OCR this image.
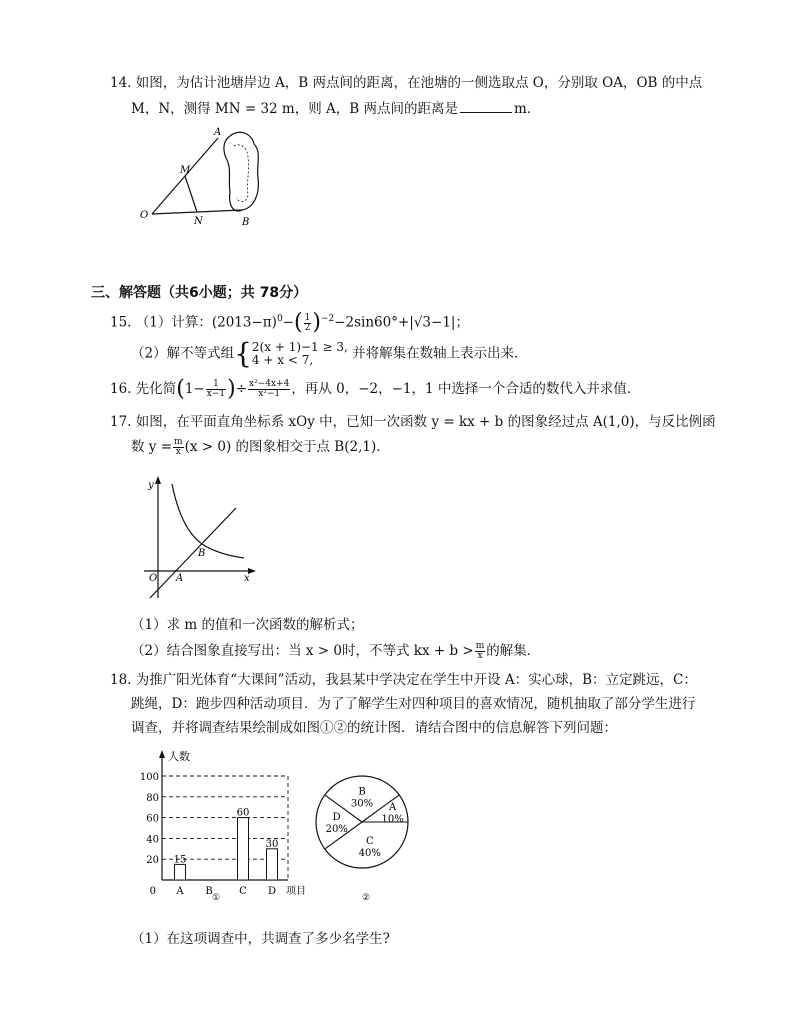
14. 如图，为估计池塘岸边 A，B 两点间的距离，在池塘的一侧选取点 O，分别取 OA，OB 的中点
M，N，测得 MN = 32 m，则 A，B 两点间的距离是	m．
A
M
O
N	B
三、解答题（共6小题；共 78分）
15. （1）计算：$(2013-\pi)^0-( \frac{1}{2} )^{-2}-2\sin 60^\circ+|√3-1|$；
（2）解不等式组{ 2(x + 1)−1 ≥ 3,
4 + x < 7,	并将解集在数轴上表示出来．
16. 先化简($1- \frac{1}{x-1}$ )÷ $\frac{\text{x²−4x+4}}{\text{x²−1}}$ ，再从 0，−2，−1，1 中选择一个合适的数代入并求值．
17. 如图，在平面直角坐标系 xOy 中，已知一次函数 y = kx + b 的图象经过点 A(1,0)，与反比例函
数 $y = \frac{m}{x} (x > 0)$ 的图象相交于点 B(2,1)．
y
x
O A
B
（1）求 m 的值和一次函数的解析式；
（2）结合图象直接写出：当 x > 0时，不等式 kx + $b > \frac{m}{x}$ 的解集．
18. 为推广阳光体育“大课间”活动，我县某中学决定在学生中开设 A：实心球，B：立定跳远，C：
跳绳，D：跑步四种活动项目．为了了解学生对四种项目的喜欢情况，随机抽取了部分学生进行
调查，并将调查结果绘制成如图①②的统计图．请结合图中的信息解答下列问题：
100
80
60
40
20 15
60
30
A B	C D
人数
项目
0
①
B
30% A
10%
C
40%
D
20%
②
（1）在这项调查中，共调查了多少名学生?
